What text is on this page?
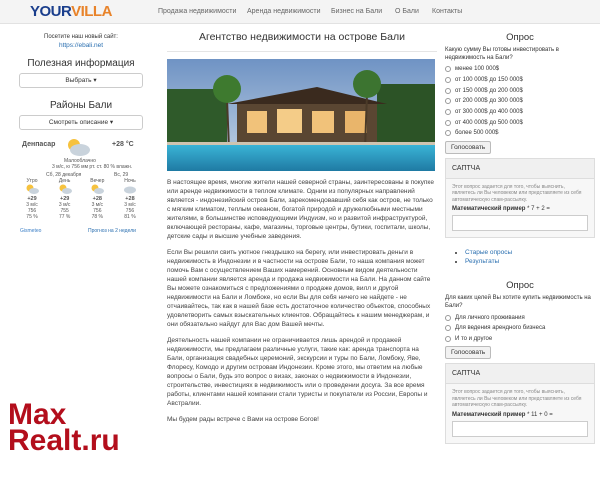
YOURVILLA	Продажа недвижимости Аренда недвижимости Бизнес на Бали О Бали Контакты
Посетите наш новый сайт:
https://ebali.net
Полезная информация
Выбрать ▾
Районы Бали
Смотреть описание ▾
Денпасар	+28 °C
Малооблачно
3 м/с, ю 756 мм рт. ст. 80 % влажн.
Сб, 28 декабря	Вс, 29
Утро
+29
3 м/с
756
75 %
День
+29
3 м/с
755
77 %
Вечер
+28
3 м/с
756
78 %
Ночь
+28
3 м/с
756
81 %
Gismeteo	Прогноз на 2 недели
Агентство недвижимости на острове Бали

В настоящее время, многие жители нашей северной страны, заинтересованы в покупке или аренде недвижимости в теплом климате. Одним из популярных направлений является - индонезийский остров Бали, зарекомендовавший себя как остров, не только с мягким климатом, теплым океаном, богатой природой и дружелюбными местными жителями, в большинстве исповедующими Индуизм, но и развитой инфраструктурой, включающей рестораны, кафе, магазины, торговые центры, бутики, госпитали, школы, детские сады и высшие учебные заведения.

Если Вы решили свить уютное гнездышко на берегу, или инвестировать деньги в недвижимость в Индонезии и в частности на острове Бали, то наша компания может помочь Вам с осуществлением Ваших намерений. Основным видом деятельности нашей компании является аренда и продажа недвижимости на Бали. На данном сайте Вы можете ознакомиться с предложениями о продаже домов, вилл и другой недвижимости на Бали и Ломбоке, но если Вы для себя ничего не найдете - не отчаивайтесь, так как в нашей базе есть достаточное количество объектов, способных удовлетворить самых взыскательных клиентов. Обращайтесь к нашим менеджерам, и они обязательно найдут для Вас дом Вашей мечты.

Деятельность нашей компании не ограничивается лишь арендой и продажей недвижимости, мы предлагаем различные услуги, такие как: аренда транспорта на Бали, организация свадебных церемоний, экскурсии и туры по Бали, Ломбоку, Яве, Флоресу, Комодо и другим островам Индонезии. Кроме этого, мы ответим на любые вопросы о Бали, будь это вопрос о визах, законах о недвижимости в Индонезии, строительстве, инвестициях в недвижимость или о проведении досуга. За все время работы, клиентами нашей компании стали туристы и покупатели из России, Европы и Австралии.

Мы будем рады встрече с Вами на острове Богов!

Опрос
Какую сумму Вы готовы инвестировать в недвижимость на Бали?
менее 100 000$
от 100 000$ до 150 000$
от 150 000$ до 200 000$
от 200 000$ до 300 000$
от 300 000$ до 400 000$
от 400 000$ до 500 000$
более 500 000$
Голосовать
САПТЧА
Этот вопрос задается для того, чтобы выяснить, являетесь ли Вы человеком или представляете из себя автоматическую спам-рассылку.
Математический пример * 7 + 2 =
• Старые опросы
• Результаты
Опрос
Для каких целей Вы хотите купить недвижимость на Бали?
Для личного проживания
Для ведения арендного бизнеса
И то и другое
Голосовать
САПТЧА
Этот вопрос задается для того, чтобы выяснить, являетесь ли Вы человеком или представляете из себя автоматическую спам-рассылку.
Математический пример * 11 + 0 =
Max
Realt.ru
